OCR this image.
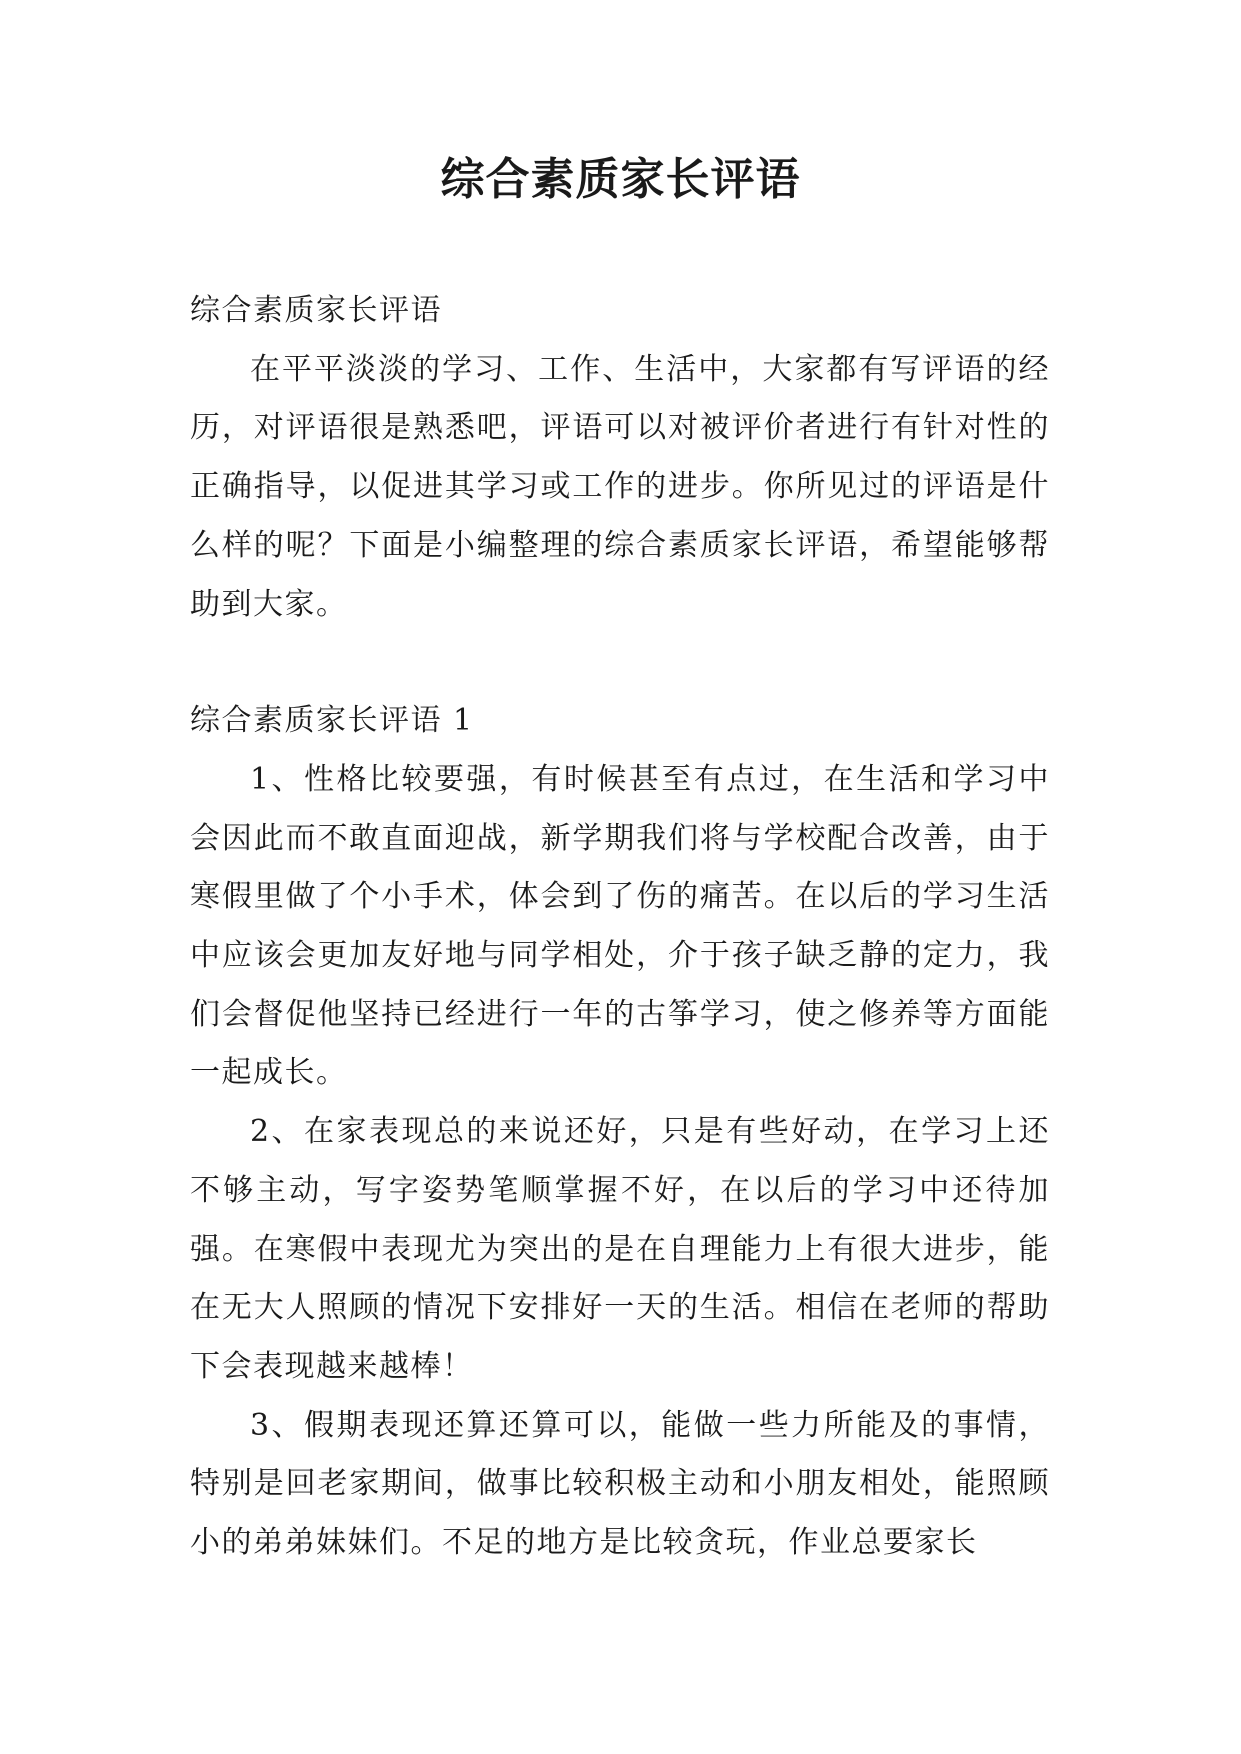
综合素质家长评语

综合素质家长评语

在平平淡淡的学习、工作、生活中，大家都有写评语的经历，对评语很是熟悉吧，评语可以对被评价者进行有针对性的正确指导，以促进其学习或工作的进步。你所见过的评语是什么样的呢？下面是小编整理的综合素质家长评语，希望能够帮助到大家。

综合素质家长评语 1

1、性格比较要强，有时候甚至有点过，在生活和学习中会因此而不敢直面迎战，新学期我们将与学校配合改善，由于寒假里做了个小手术，体会到了伤的痛苦。在以后的学习生活中应该会更加友好地与同学相处，介于孩子缺乏静的定力，我们会督促他坚持已经进行一年的古筝学习，使之修养等方面能一起成长。

2、在家表现总的来说还好，只是有些好动，在学习上还不够主动，写字姿势笔顺掌握不好，在以后的学习中还待加强。在寒假中表现尤为突出的是在自理能力上有很大进步，能在无大人照顾的情况下安排好一天的生活。相信在老师的帮助下会表现越来越棒！

3、假期表现还算还算可以，能做一些力所能及的事情，特别是回老家期间，做事比较积极主动和小朋友相处，能照顾小的弟弟妹妹们。不足的地方是比较贪玩，作业总要家长
